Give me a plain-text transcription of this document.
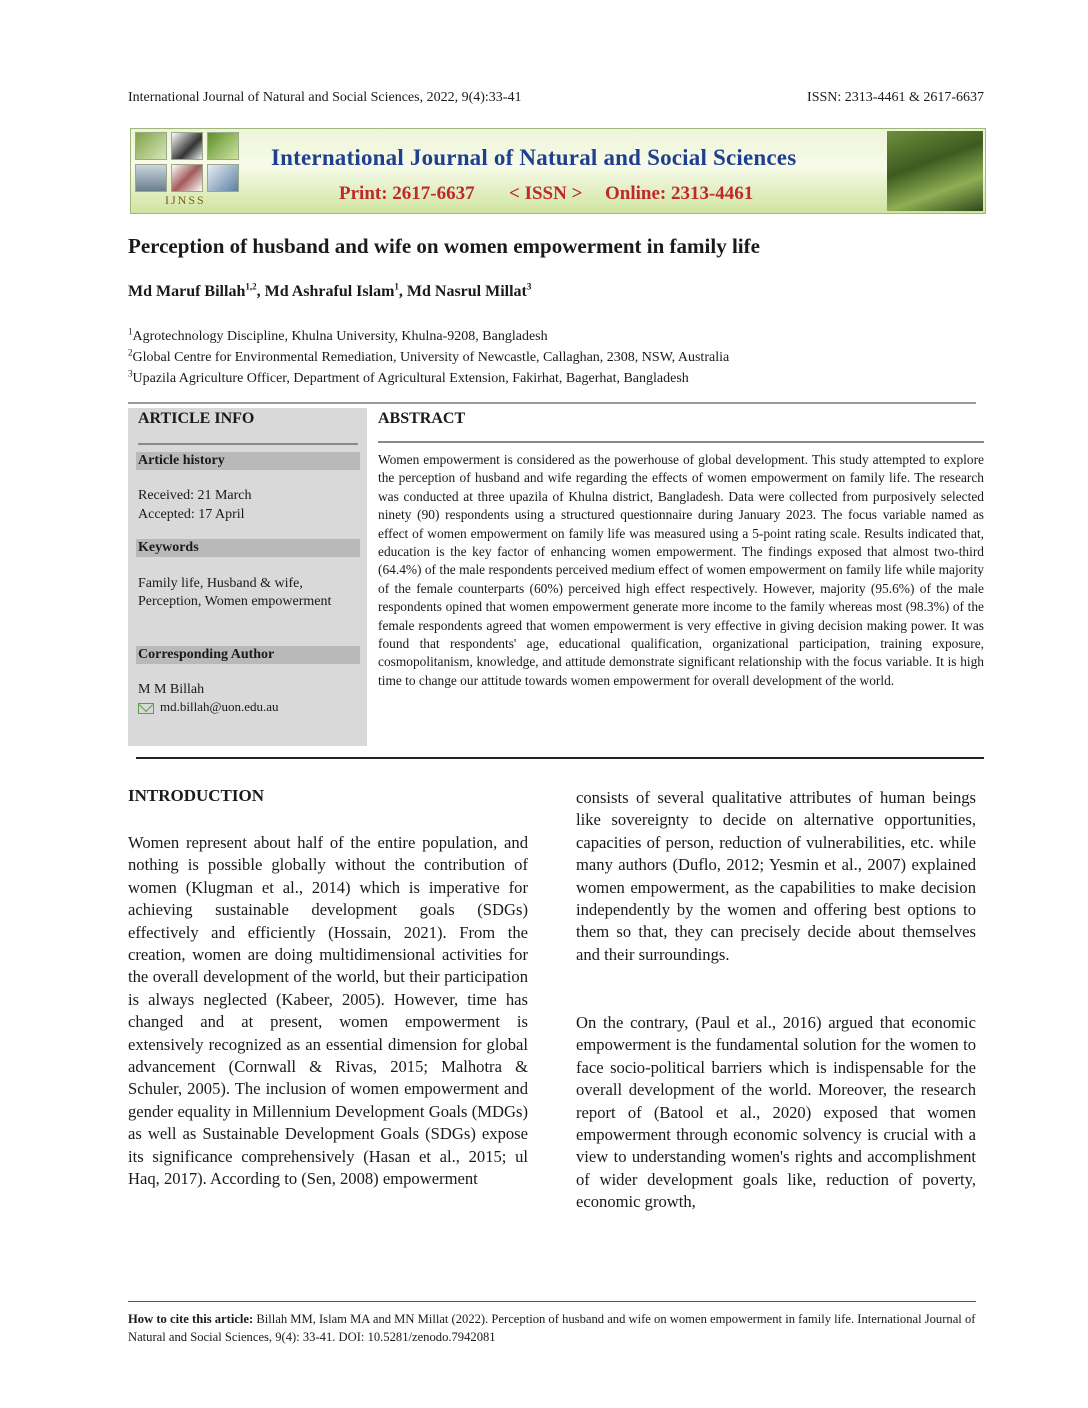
International Journal of Natural and Social Sciences, 2022, 9(4):33-41	ISSN: 2313-4461 & 2617-6637
IJNSS
International Journal of Natural and Social Sciences
Print: 2617-6637 < ISSN > Online: 2313-4461
Perception of husband and wife on women empowerment in family life
Md Maruf Billah$^{1,2}$, Md Ashraful Islam$^1$, Md Nasrul Millat$^3$
$^1$Agrotechnology Discipline, Khulna University, Khulna-9208, Bangladesh
$^2$Global Centre for Environmental Remediation, University of Newcastle, Callaghan, 2308, NSW, Australia
$^3$Upazila Agriculture Officer, Department of Agricultural Extension, Fakirhat, Bagerhat, Bangladesh
ARTICLE INFO
Article history
Received: 21 March
Accepted: 17 April
Keywords
Family life, Husband & wife, Perception, Women empowerment
Corresponding Author
M M Billah
md.billah@uon.edu.au
ABSTRACT
Women empowerment is considered as the powerhouse of global development. This study attempted to explore the perception of husband and wife regarding the effects of women empowerment on family life. The research was conducted at three upazila of Khulna district, Bangladesh. Data were collected from purposively selected ninety (90) respondents using a structured questionnaire during January 2023. The focus variable named as effect of women empowerment on family life was measured using a 5-point rating scale. Results indicated that, education is the key factor of enhancing women empowerment. The findings exposed that almost two-third (64.4%) of the male respondents perceived medium effect of women empowerment on family life while majority of the female counterparts (60%) perceived high effect respectively. However, majority (95.6%) of the male respondents opined that women empowerment generate more income to the family whereas most (98.3%) of the female respondents agreed that women empowerment is very effective in giving decision making power. It was found that respondents' age, educational qualification, organizational participation, training exposure, cosmopolitanism, knowledge, and attitude demonstrate significant relationship with the focus variable. It is high time to change our attitude towards women empowerment for overall development of the world.
INTRODUCTION
Women represent about half of the entire population, and nothing is possible globally without the contribution of women (Klugman et al., 2014) which is imperative for achieving sustainable development goals (SDGs) effectively and efficiently (Hossain, 2021). From the creation, women are doing multidimensional activities for the overall development of the world, but their participation is always neglected (Kabeer, 2005). However, time has changed and at present, women empowerment is extensively recognized as an essential dimension for global advancement (Cornwall & Rivas, 2015; Malhotra & Schuler, 2005). The inclusion of women empowerment and gender equality in Millennium Development Goals (MDGs) as well as Sustainable Development Goals (SDGs) expose its significance comprehensively (Hasan et al., 2015; ul Haq, 2017). According to (Sen, 2008) empowerment
consists of several qualitative attributes of human beings like sovereignty to decide on alternative opportunities, capacities of person, reduction of vulnerabilities, etc. while many authors (Duflo, 2012; Yesmin et al., 2007) explained women empowerment, as the capabilities to make decision independently by the women and offering best options to them so that, they can precisely decide about themselves and their surroundings.
On the contrary, (Paul et al., 2016) argued that economic empowerment is the fundamental solution for the women to face socio-political barriers which is indispensable for the overall development of the world. Moreover, the research report of (Batool et al., 2020) exposed that women empowerment through economic solvency is crucial with a view to understanding women's rights and accomplishment of wider development goals like, reduction of poverty, economic growth,
How to cite this article: Billah MM, Islam MA and MN Millat (2022). Perception of husband and wife on women empowerment in family life. International Journal of Natural and Social Sciences, 9(4): 33-41. DOI: 10.5281/zenodo.7942081
